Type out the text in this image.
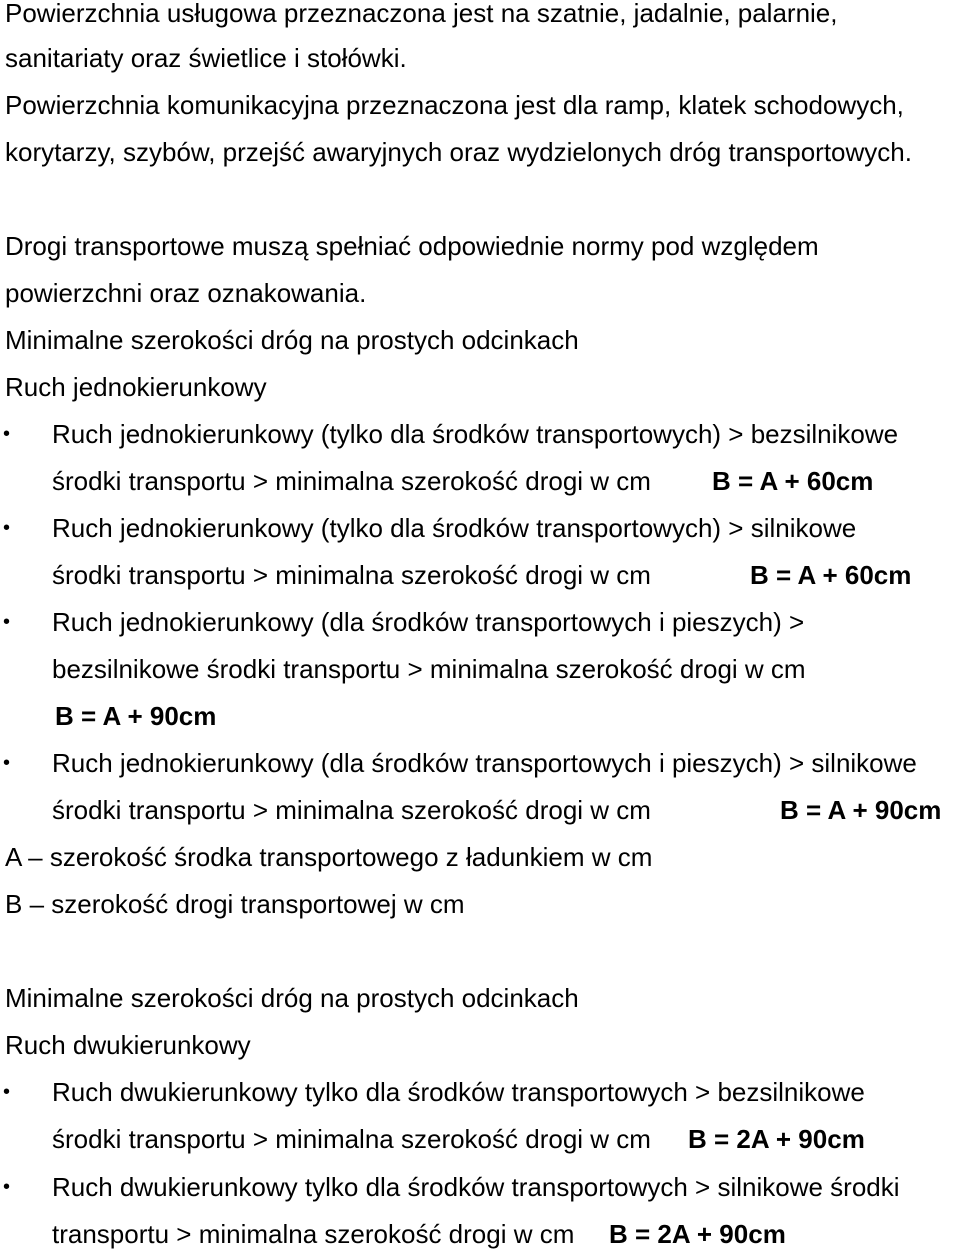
Powierzchnia usługowa przeznaczona jest na szatnie, jadalnie, palarnie,
sanitariaty oraz świetlice i stołówki.
Powierzchnia komunikacyjna przeznaczona jest dla ramp, klatek schodowych,
korytarzy, szybów, przejść awaryjnych oraz wydzielonych dróg transportowych.
Drogi transportowe muszą spełniać odpowiednie normy pod względem
powierzchni oraz oznakowania.
Minimalne szerokości dróg na prostych odcinkach
Ruch jednokierunkowy
• Ruch jednokierunkowy (tylko dla środków transportowych) > bezsilnikowe
środki transportu > minimalna szerokość drogi w cm B = A + 60cm
• Ruch jednokierunkowy (tylko dla środków transportowych) > silnikowe
środki transportu > minimalna szerokość drogi w cm	B = A + 60cm
• Ruch jednokierunkowy (dla środków transportowych i pieszych) >
bezsilnikowe środki transportu > minimalna szerokość drogi w cm
B = A + 90cm
• Ruch jednokierunkowy (dla środków transportowych i pieszych) > silnikowe
środki transportu > minimalna szerokość drogi w cm	B = A + 90cm
A – szerokość środka transportowego z ładunkiem w cm
B – szerokość drogi transportowej w cm
Minimalne szerokości dróg na prostych odcinkach
Ruch dwukierunkowy
• Ruch dwukierunkowy tylko dla środków transportowych > bezsilnikowe
środki transportu > minimalna szerokość drogi w cm B = 2A + 90cm
• Ruch dwukierunkowy tylko dla środków transportowych > silnikowe środki
transportu > minimalna szerokość drogi w cm B = 2A + 90cm
